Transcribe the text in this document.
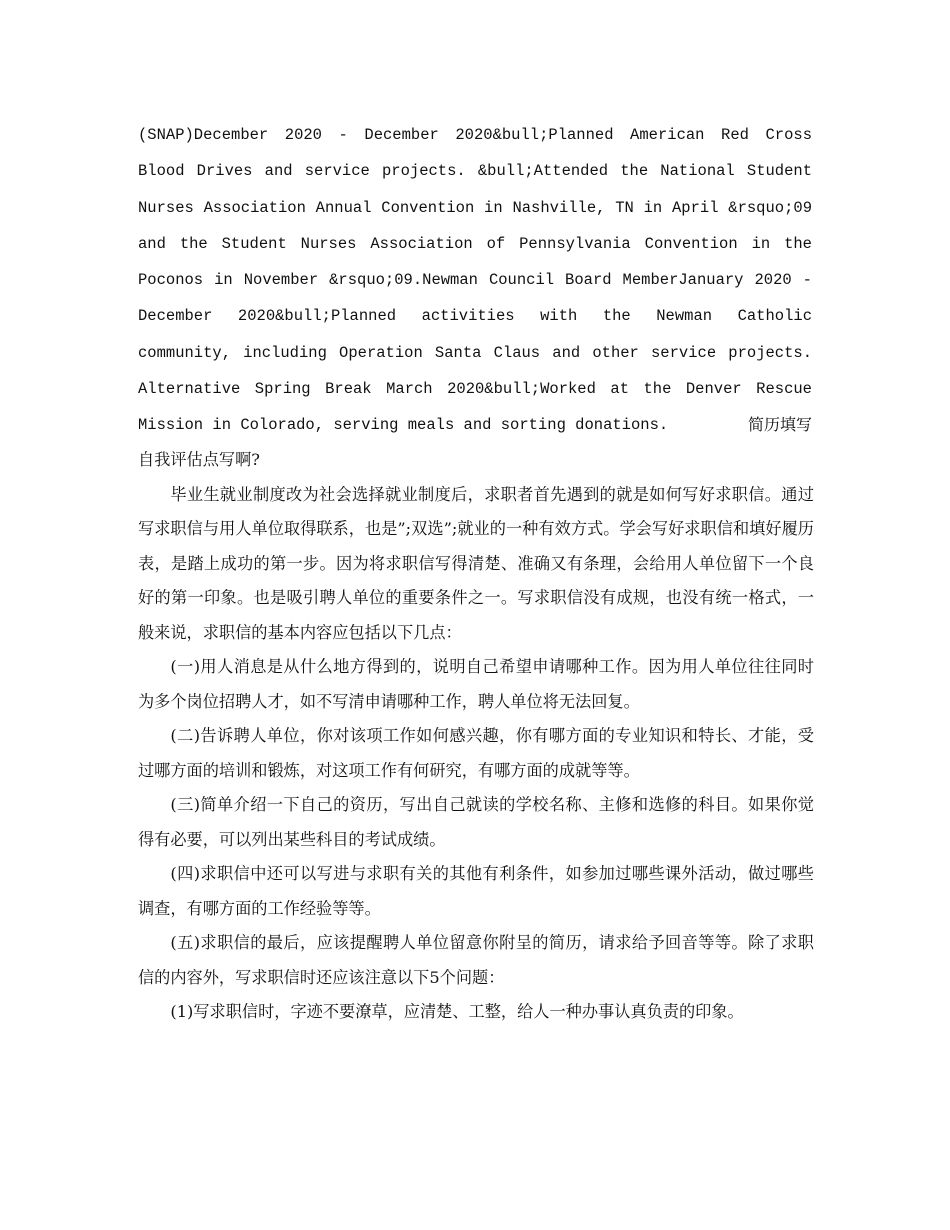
(SNAP)December 2020 - December 2020&bull;Planned American Red Cross
Blood Drives and service projects. &bull;Attended the National Student
Nurses Association Annual Convention in Nashville, TN in April &rsquo;09
and the Student Nurses Association of Pennsylvania Convention in the
Poconos in November &rsquo;09.Newman Council Board MemberJanuary 2020 -
December 2020&bull;Planned activities with the Newman Catholic
community, including Operation Santa Claus and other service projects.
Alternative Spring Break March 2020&bull;Worked at the Denver Rescue
Mission in Colorado, serving meals and sorting donations.	简历填写

自我评估点写啊?

毕业生就业制度改为社会选择就业制度后，求职者首先遇到的就是如何写好求职信。通过写求职信与用人单位取得联系，也是”;双选”;就业的一种有效方式。学会写好求职信和填好履历表，是踏上成功的第一步。因为将求职信写得清楚、准确又有条理，会给用人单位留下一个良好的第一印象。也是吸引聘人单位的重要条件之一。写求职信没有成规，也没有统一格式，一般来说，求职信的基本内容应包括以下几点：

(一)用人消息是从什么地方得到的，说明自己希望申请哪种工作。因为用人单位往往同时为多个岗位招聘人才，如不写清申请哪种工作，聘人单位将无法回复。

(二)告诉聘人单位，你对该项工作如何感兴趣，你有哪方面的专业知识和特长、才能，受过哪方面的培训和锻炼，对这项工作有何研究，有哪方面的成就等等。

(三)简单介绍一下自己的资历，写出自己就读的学校名称、主修和选修的科目。如果你觉得有必要，可以列出某些科目的考试成绩。

(四)求职信中还可以写进与求职有关的其他有利条件，如参加过哪些课外活动，做过哪些调查，有哪方面的工作经验等等。

(五)求职信的最后，应该提醒聘人单位留意你附呈的简历，请求给予回音等等。除了求职信的内容外，写求职信时还应该注意以下5个问题：

(1)写求职信时，字迹不要潦草，应清楚、工整，给人一种办事认真负责的印象。
